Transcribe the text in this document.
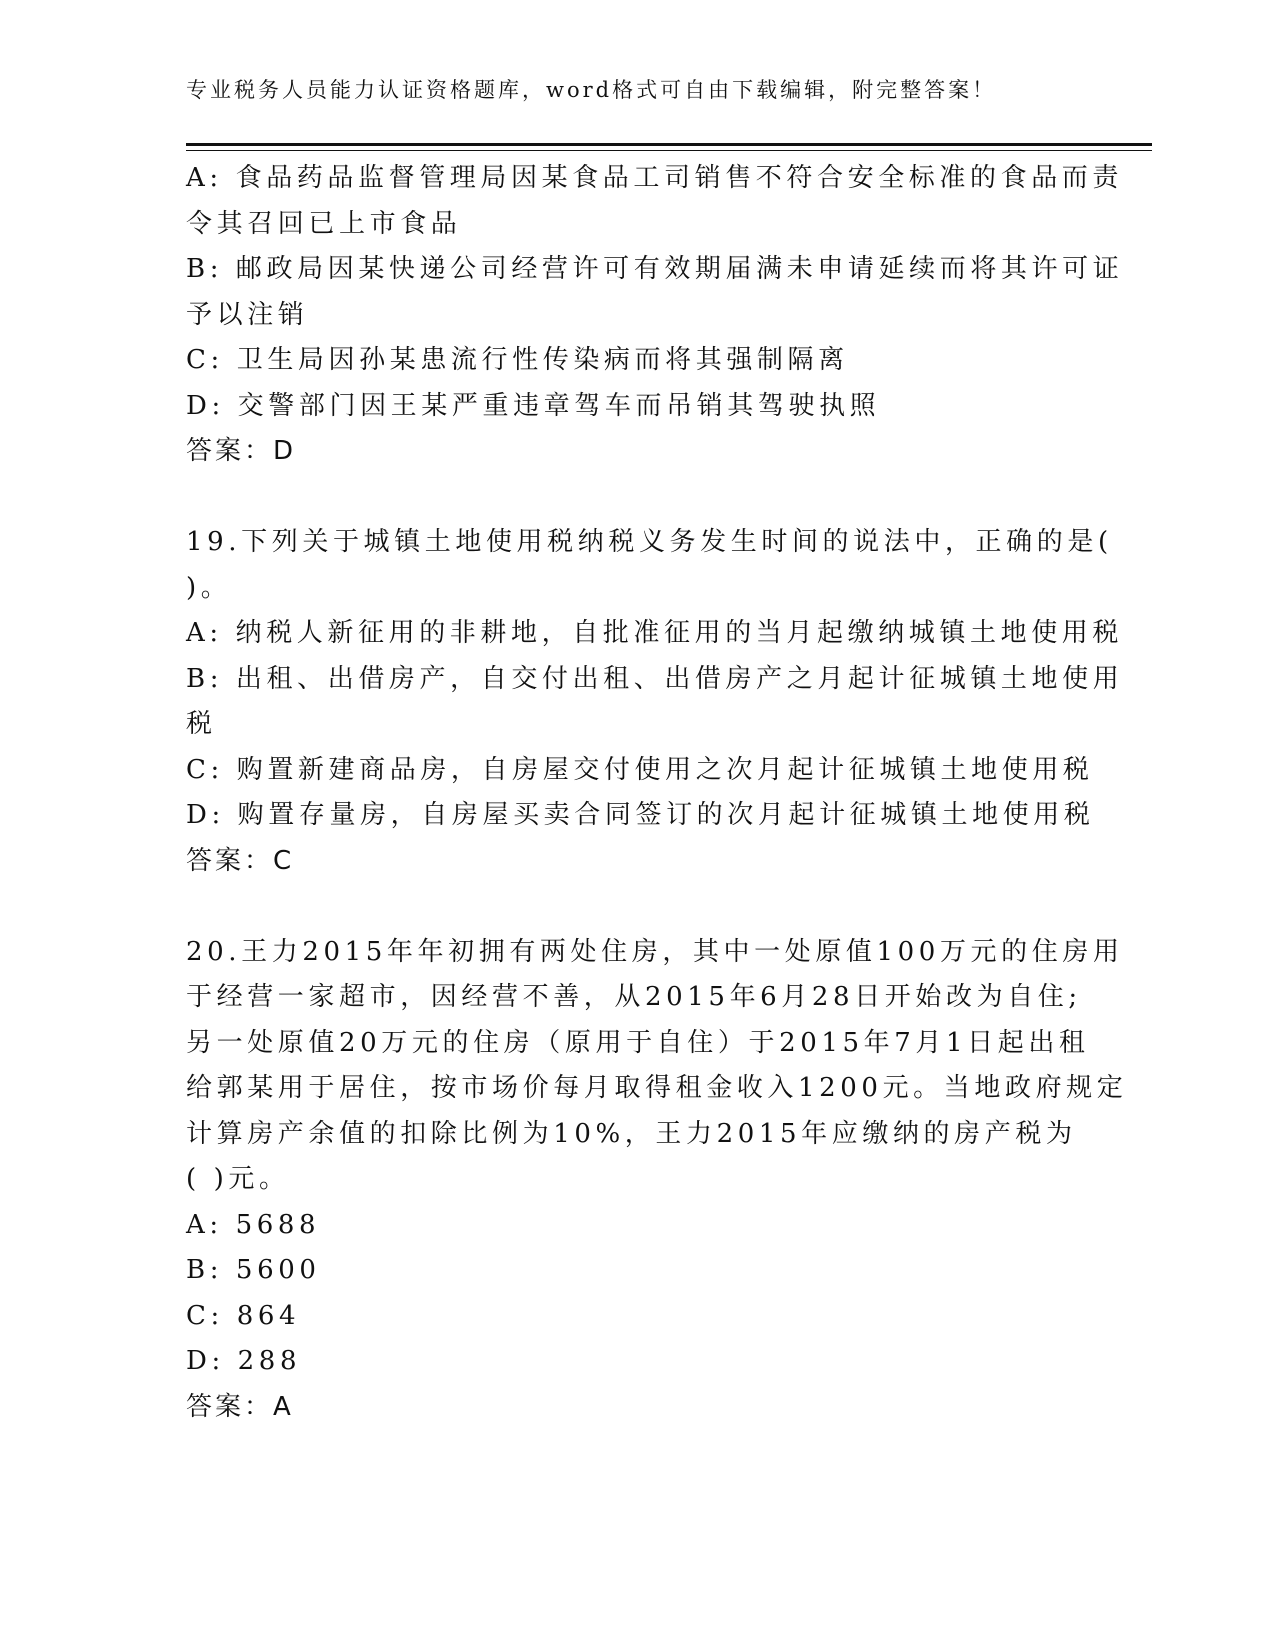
专业税务人员能力认证资格题库，word格式可自由下载编辑，附完整答案！
A: 食品药品监督管理局因某食品工司销售不符合安全标准的食品而责
令其召回已上市食品
B: 邮政局因某快递公司经营许可有效期届满未申请延续而将其许可证
予以注销
C: 卫生局因孙某患流行性传染病而将其强制隔离
D: 交警部门因王某严重违章驾车而吊销其驾驶执照
答案：D
19.下列关于城镇土地使用税纳税义务发生时间的说法中，正确的是(
)。
A: 纳税人新征用的非耕地，自批准征用的当月起缴纳城镇土地使用税
B: 出租、出借房产，自交付出租、出借房产之月起计征城镇土地使用
税
C: 购置新建商品房，自房屋交付使用之次月起计征城镇土地使用税
D: 购置存量房，自房屋买卖合同签订的次月起计征城镇土地使用税
答案：C
20.王力2015年年初拥有两处住房，其中一处原值100万元的住房用
于经营一家超市，因经营不善，从2015年6月28日开始改为自住;
另一处原值20万元的住房（原用于自住）于2015年7月1日起出租
给郭某用于居住，按市场价每月取得租金收入1200元。当地政府规定
计算房产余值的扣除比例为10%，王力2015年应缴纳的房产税为
( )元。
A: 5688
B: 5600
C: 864
D: 288
答案：A
